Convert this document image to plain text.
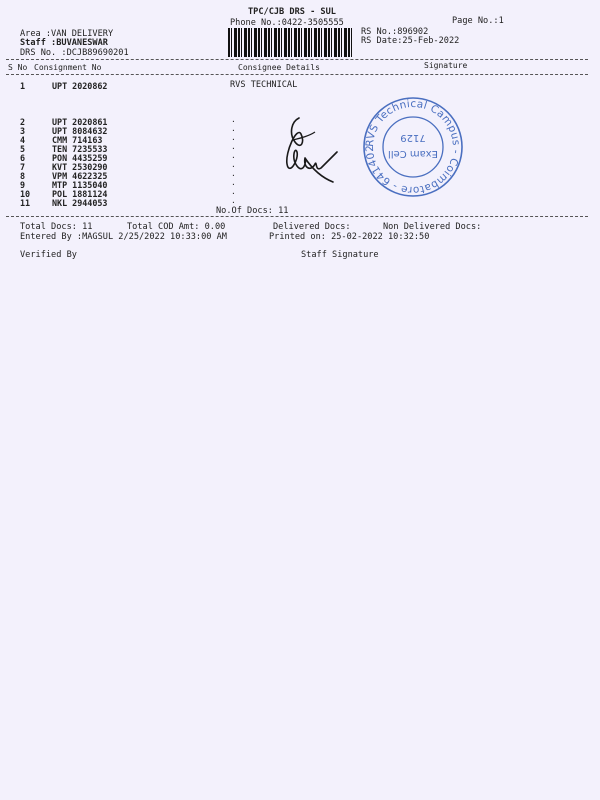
TPC/CJB DRS - SUL
Phone No.:0422-3505555	Page No.:1
RS No.:896902
RS Date:25-Feb-2022
Area :VAN DELIVERY
Staff :BUVANESWAR
DRS No. :DCJB89690201
S No Consignment No	Consignee Details	Signature
1	UPT 2020862	RVS TECHNICAL
2	UPT 2020861
3	UPT 8084632
4	CMM 714163
5	TEN 7235533
6	PON 4435259
7	KVT 2530290
8	VPM 4622325
9	MTP 1135040
10	POL 1881124
11	NKL 2944053
.
.
.
.
.
.
.
.
.
.
No.Of Docs: 11
RVS Technical Campus - Coimbatore - 641402	Exam Cell
7129
Total Docs: 11	Total COD Amt: 0.00	Delivered Docs:	Non Delivered Docs:
Entered By :MAGSUL 2/25/2022 10:33:00 AM	Printed on: 25-02-2022 10:32:50
Verified By	Staff Signature
